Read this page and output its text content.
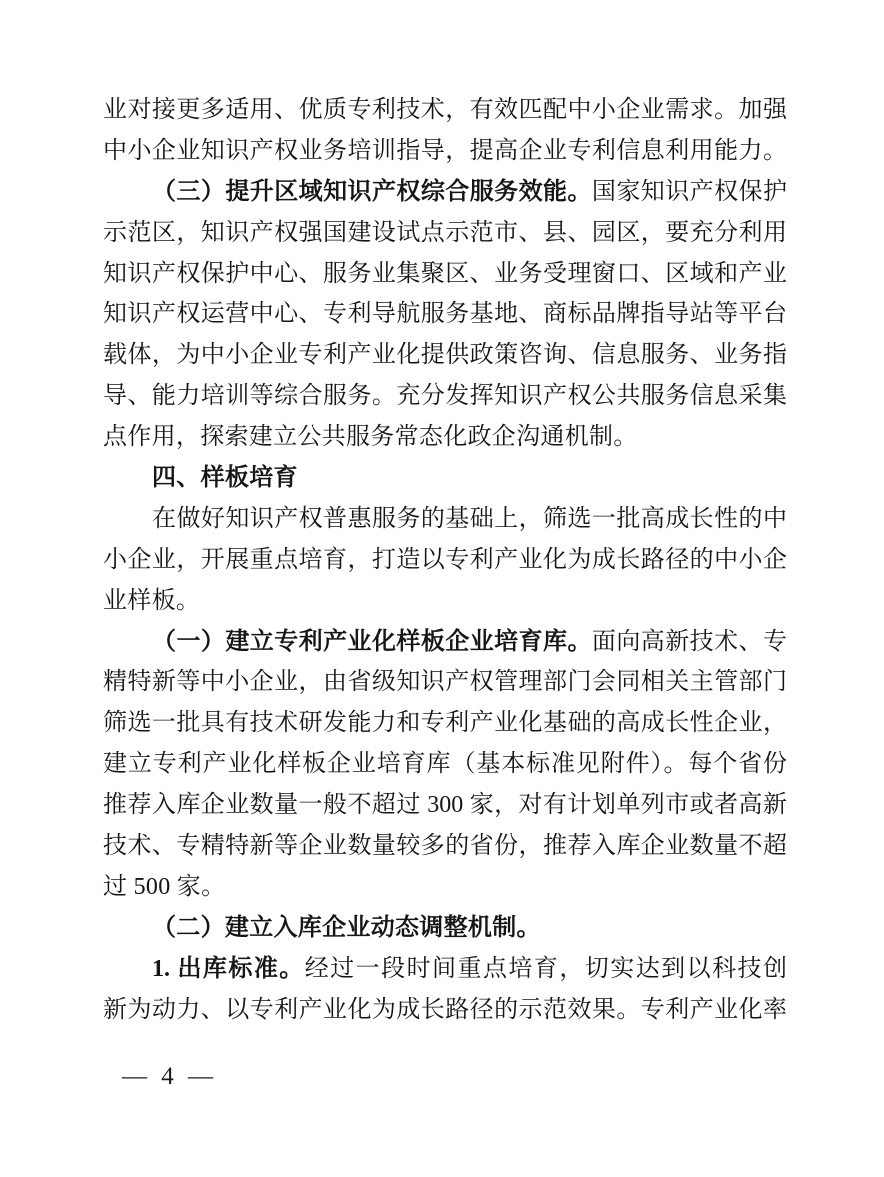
业对接更多适用、优质专利技术，有效匹配中小企业需求。加强
中小企业知识产权业务培训指导，提高企业专利信息利用能力。
（三）提升区域知识产权综合服务效能。国家知识产权保护
示范区，知识产权强国建设试点示范市、县、园区，要充分利用
知识产权保护中心、服务业集聚区、业务受理窗口、区域和产业
知识产权运营中心、专利导航服务基地、商标品牌指导站等平台
载体，为中小企业专利产业化提供政策咨询、信息服务、业务指
导、能力培训等综合服务。充分发挥知识产权公共服务信息采集
点作用，探索建立公共服务常态化政企沟通机制。
四、样板培育
在做好知识产权普惠服务的基础上，筛选一批高成长性的中
小企业，开展重点培育，打造以专利产业化为成长路径的中小企
业样板。
（一）建立专利产业化样板企业培育库。面向高新技术、专
精特新等中小企业，由省级知识产权管理部门会同相关主管部门
筛选一批具有技术研发能力和专利产业化基础的高成长性企业，
建立专利产业化样板企业培育库（基本标准见附件）。每个省份
推荐入库企业数量一般不超过 300 家，对有计划单列市或者高新
技术、专精特新等企业数量较多的省份，推荐入库企业数量不超
过 500 家。
（二）建立入库企业动态调整机制。
1. 出库标准。经过一段时间重点培育，切实达到以科技创
新为动力、以专利产业化为成长路径的示范效果。专利产业化率
— 4 —
